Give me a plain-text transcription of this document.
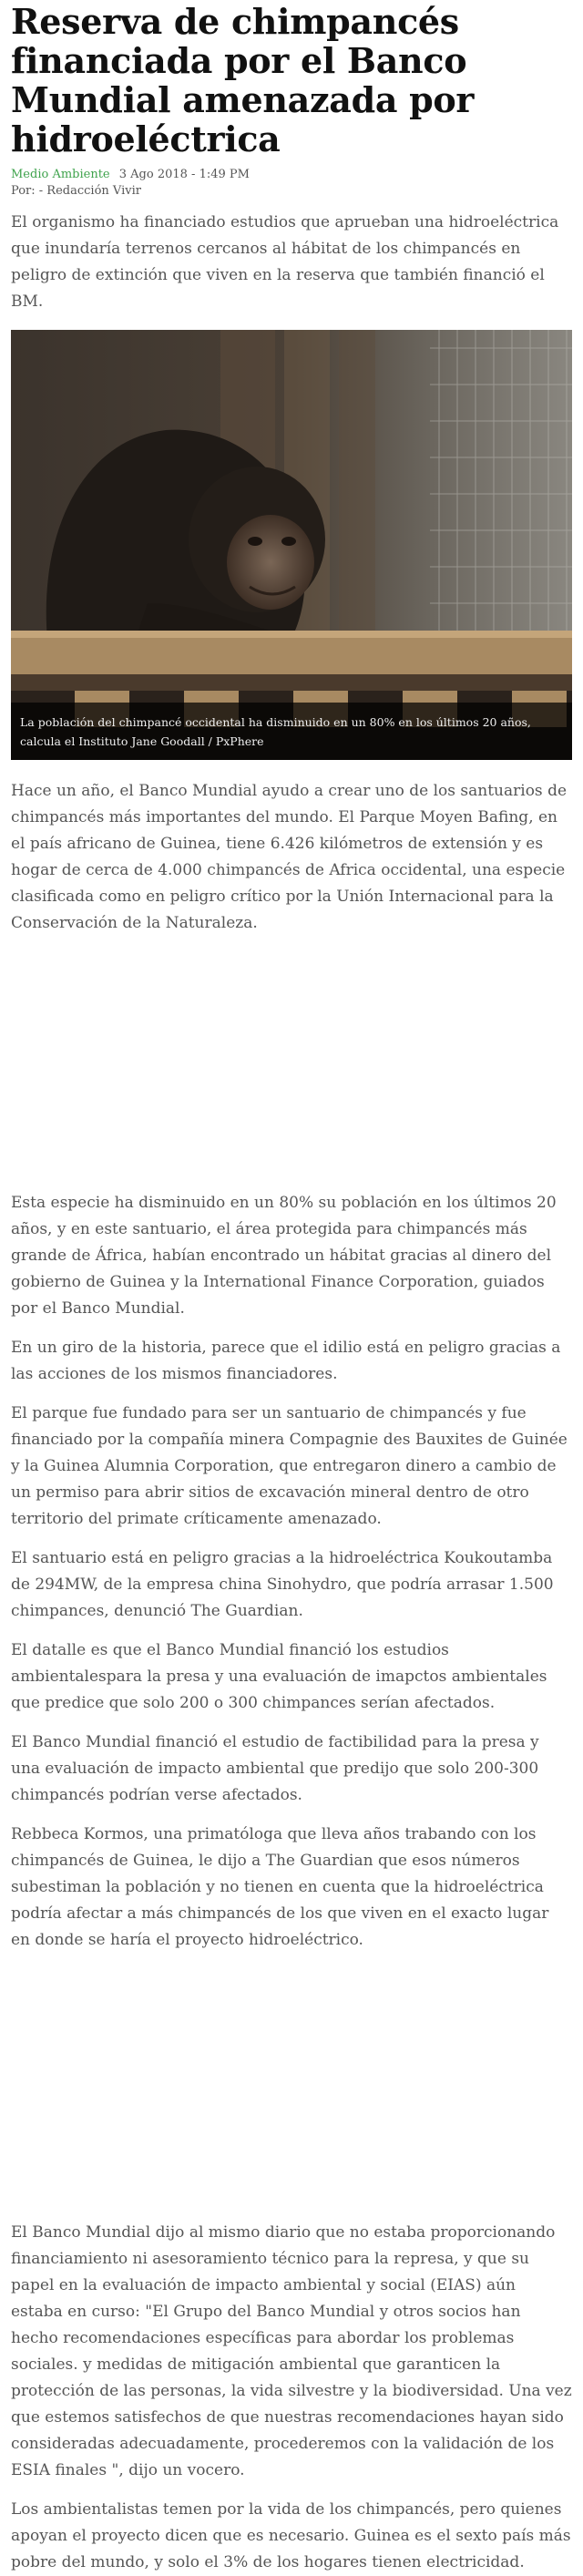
Reserva de chimpancés financiada por el Banco Mundial amenazada por hidroeléctrica
Medio Ambiente 3 Ago 2018 - 1:49 PM
Por: - Redacción Vivir

El organismo ha financiado estudios que aprueban una hidroeléctrica que inundaría terrenos cercanos al hábitat de los chimpancés en peligro de extinción que viven en la reserva que también financió el BM.

La población del chimpancé occidental ha disminuido en un 80% en los últimos 20 años, calcula el Instituto Jane Goodall / PxPhere

Hace un año, el Banco Mundial ayudo a crear uno de los santuarios de chimpancés más importantes del mundo. El Parque Moyen Bafing, en el país africano de Guinea, tiene 6.426 kilómetros de extensión y es hogar de cerca de 4.000 chimpancés de Africa occidental, una especie clasificada como en peligro crítico por la Unión Internacional para la Conservación de la Naturaleza.

Esta especie ha disminuido en un 80% su población en los últimos 20 años, y en este santuario, el área protegida para chimpancés más grande de África, habían encontrado un hábitat gracias al dinero del gobierno de Guinea y la International Finance Corporation, guiados por el Banco Mundial.

En un giro de la historia, parece que el idilio está en peligro gracias a las acciones de los mismos financiadores.

El parque fue fundado para ser un santuario de chimpancés y fue financiado por la compañía minera Compagnie des Bauxites de Guinée y la Guinea Alumnia Corporation, que entregaron dinero a cambio de un permiso para abrir sitios de excavación mineral dentro de otro territorio del primate críticamente amenazado.

El santuario está en peligro gracias a la hidroeléctrica Koukoutamba de 294MW, de la empresa china Sinohydro, que podría arrasar 1.500 chimpances, denunció The Guardian.

El datalle es que el Banco Mundial financió los estudios ambientalespara la presa y una evaluación de imapctos ambientales que predice que solo 200 o 300 chimpances serían afectados.

El Banco Mundial financió el estudio de factibilidad para la presa y una evaluación de impacto ambiental que predijo que solo 200-300 chimpancés podrían verse afectados.

Rebbeca Kormos, una primatóloga que lleva años trabando con los chimpancés de Guinea, le dijo a The Guardian que esos números subestiman la población y no tienen en cuenta que la hidroeléctrica podría afectar a más chimpancés de los que viven en el exacto lugar en donde se haría el proyecto hidroeléctrico.

El Banco Mundial dijo al mismo diario que no estaba proporcionando financiamiento ni asesoramiento técnico para la represa, y que su papel en la evaluación de impacto ambiental y social (EIAS) aún estaba en curso: "El Grupo del Banco Mundial y otros socios han hecho recomendaciones específicas para abordar los problemas sociales. y medidas de mitigación ambiental que garanticen la protección de las personas, la vida silvestre y la biodiversidad. Una vez que estemos satisfechos de que nuestras recomendaciones hayan sido consideradas adecuadamente, procederemos con la validación de los ESIA finales ", dijo un vocero.

Los ambientalistas temen por la vida de los chimpancés, pero quienes apoyan el proyecto dicen que es necesario. Guinea es el sexto país más pobre del mundo, y solo el 3% de los hogares tienen electricidad.
